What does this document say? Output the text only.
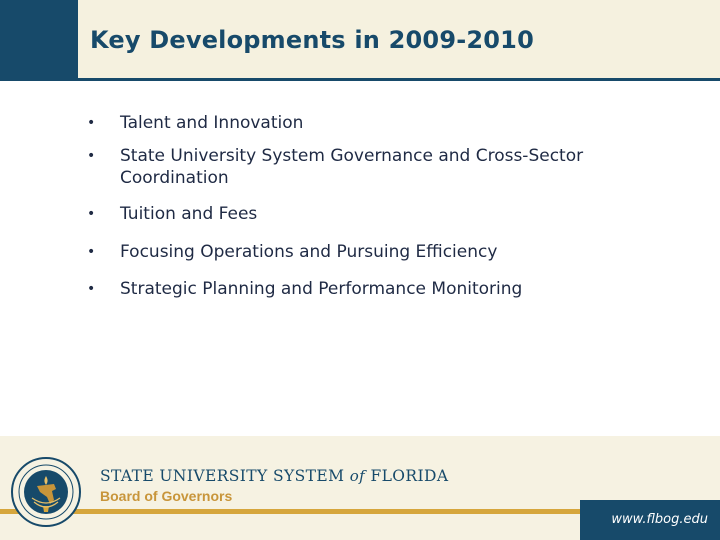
Key Developments in 2009-2010
• Talent and Innovation
• State University System Governance and Cross-Sector Coordination
• Tuition and Fees
• Focusing Operations and Pursuing Efficiency
• Strategic Planning and Performance Monitoring

STATE UNIVERSITY SYSTEM of FLORIDA

Board of Governors

www.flbog.edu
